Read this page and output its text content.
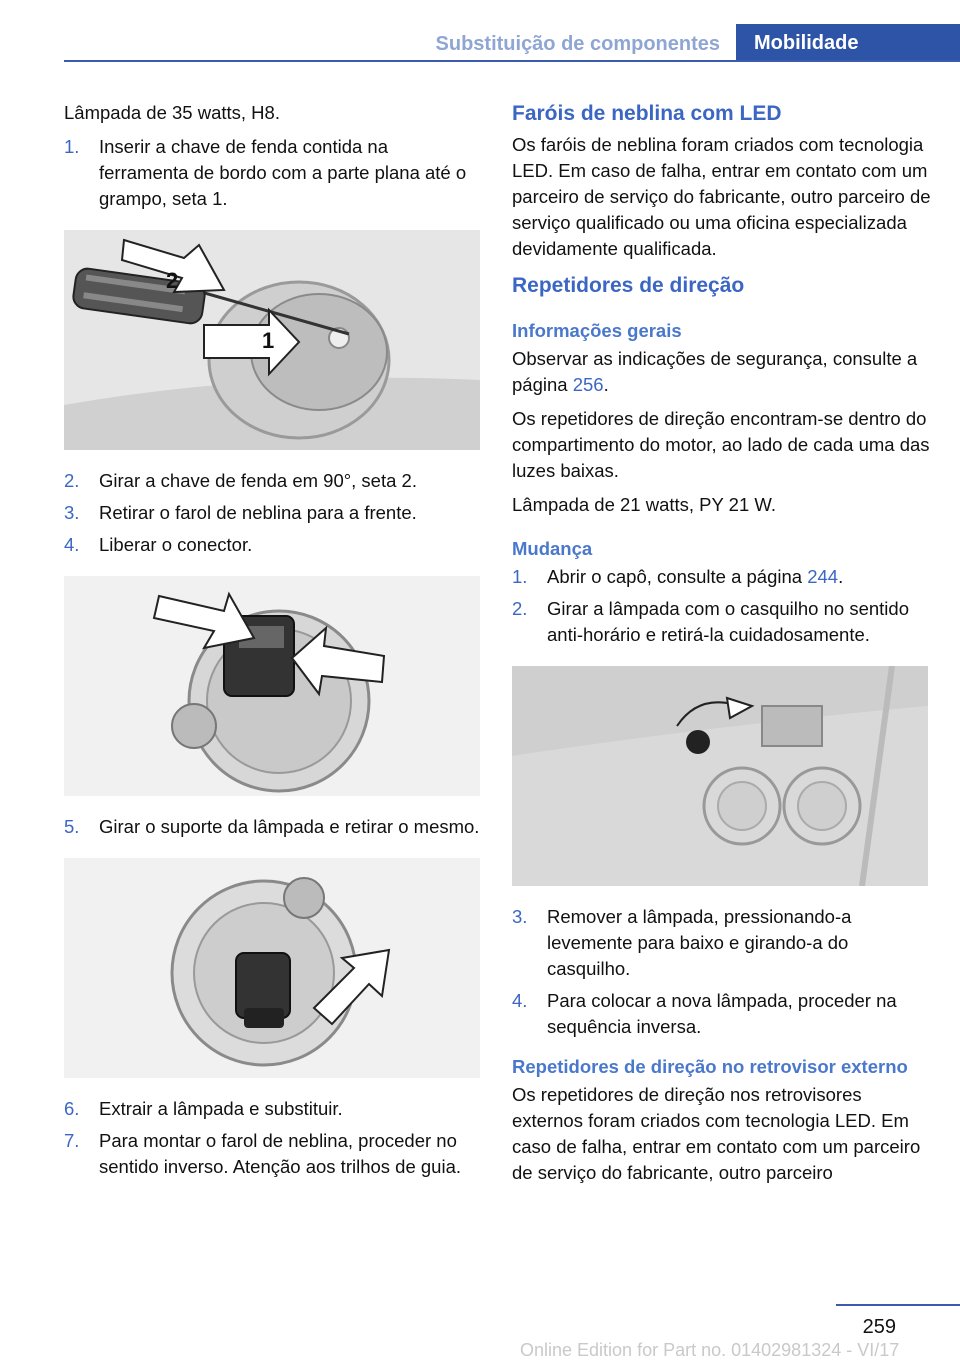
Substituição de componentes	Mobilidade

Lâmpada de 35 watts, H8.

1.	Inserir a chave de fenda contida na ferramenta de bordo com a parte plana até o grampo, seta 1.
2
1
2.	Girar a chave de fenda em 90°, seta 2.
3.	Retirar o farol de neblina para a frente.
4.	Liberar o conector.
5.	Girar o suporte da lâmpada e retirar o mesmo.
6.	Extrair a lâmpada e substituir.
7.	Para montar o farol de neblina, proceder no sentido inverso. Atenção aos trilhos de guia.
Faróis de neblina com LED

Os faróis de neblina foram criados com tecnologia LED. Em caso de falha, entrar em contato com um parceiro de serviço do fabricante, outro parceiro de serviço qualificado ou uma oficina especializada devidamente qualificada.

Repetidores de direção
Informações gerais

Observar as indicações de segurança, consulte a página 256.

Os repetidores de direção encontram-se dentro do compartimento do motor, ao lado de cada uma das luzes baixas.

Lâmpada de 21 watts, PY 21 W.

Mudança
1.	Abrir o capô, consulte a página 244.
2.	Girar a lâmpada com o casquilho no sentido anti-horário e retirá-la cuidadosamente.
3.	Remover a lâmpada, pressionando-a levemente para baixo e girando-a do casquilho.
4.	Para colocar a nova lâmpada, proceder na sequência inversa.
Repetidores de direção no retrovisor externo

Os repetidores de direção nos retrovisores externos foram criados com tecnologia LED. Em caso de falha, entrar em contato com um parceiro de serviço do fabricante, outro parceiro

259
Online Edition for Part no. 01402981324 - VI/17
